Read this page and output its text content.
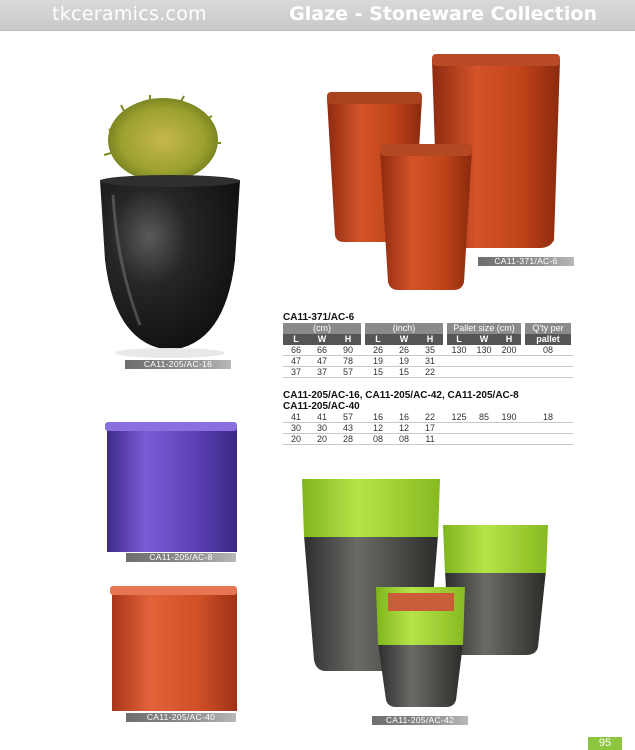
tkceramics.com	Glaze - Stoneware Collection
CA11-205/AC-16
CA11-371/AC-6
CA11-371/AC-6
(cm)	(inch)	Pallet size (cm)	Q'ty per
L	W	H	L	W	H	L	W	H	pallet
66	66	90	26	26	35	130	130	200	08
47	47	78	19	19	31
37	37	57	15	15	22
CA11-205/AC-16, CA11-205/AC-42, CA11-205/AC-8
CA11-205/AC-40
41	41	57	16	16	22	125	85	190	18
30	30	43	12	12	17
20	20	28	08	08	11
CA11-205/AC-8
CA11-205/AC-40	CA11-205/AC-42
95
